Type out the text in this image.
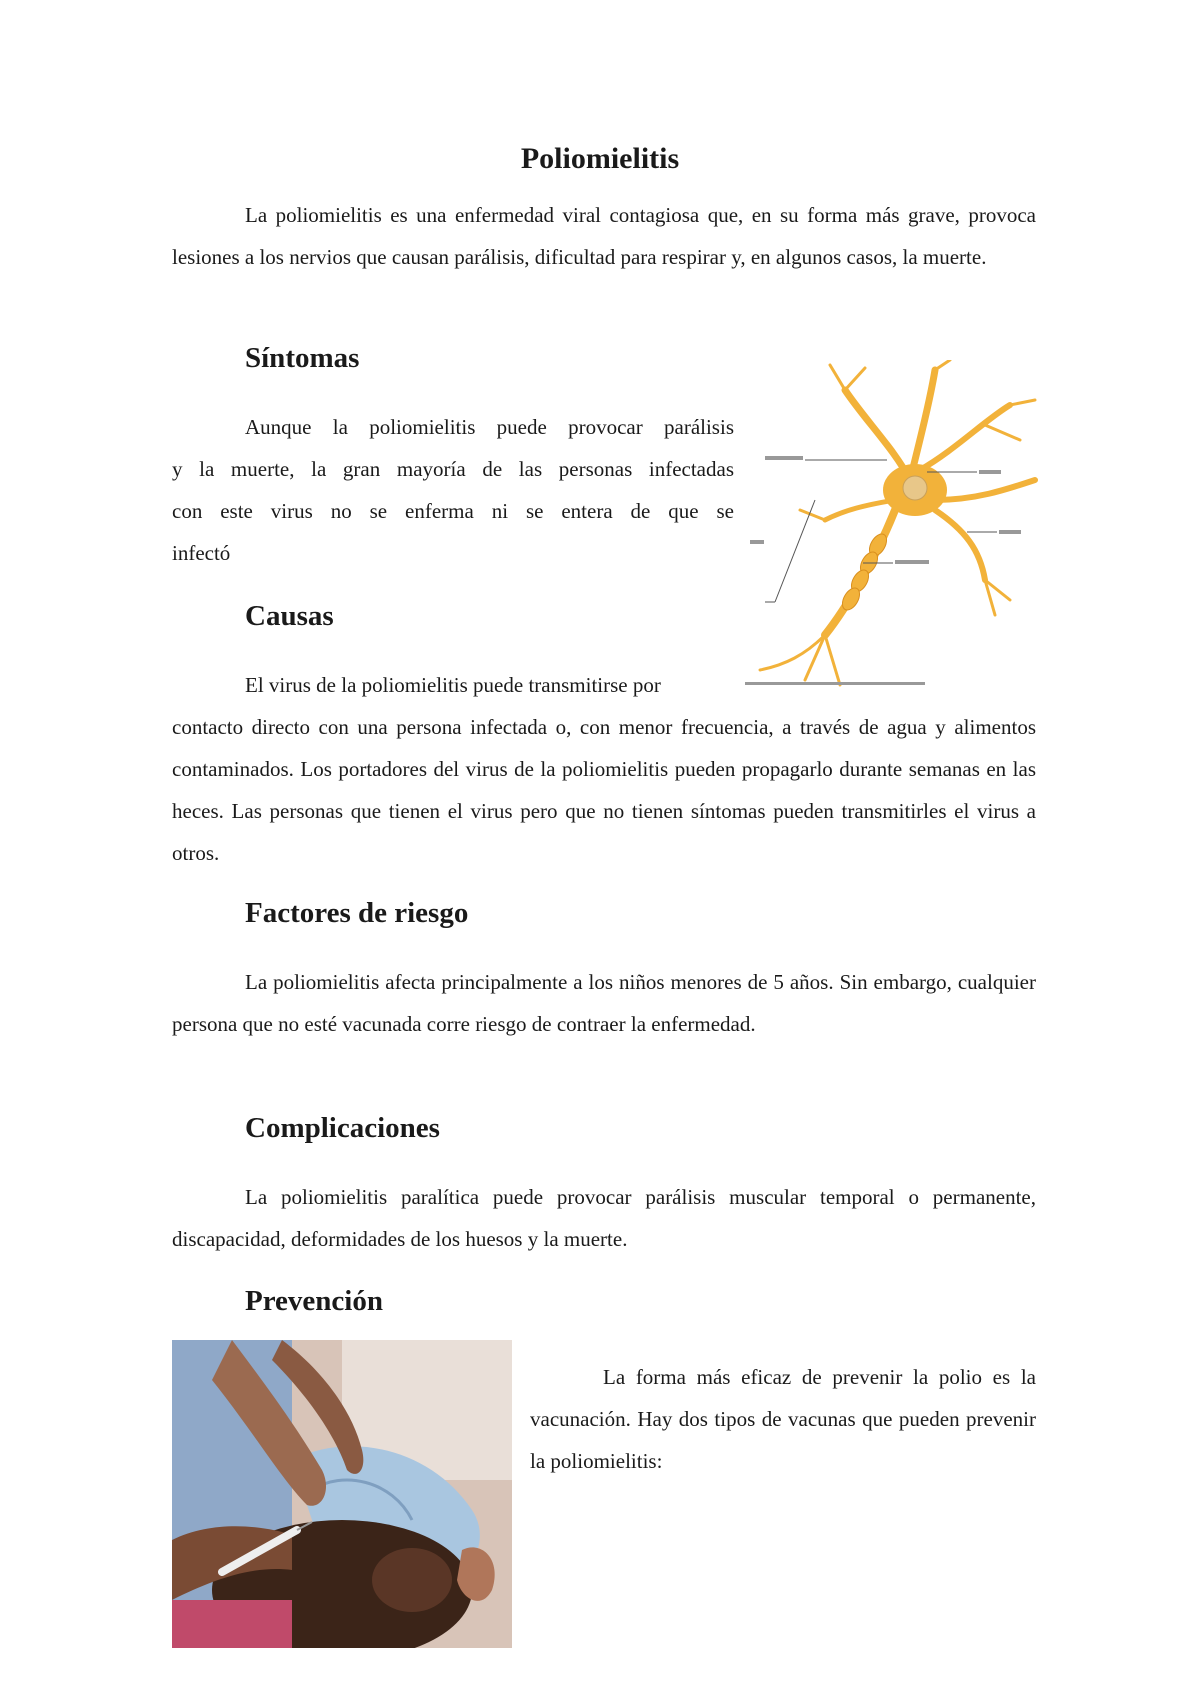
Poliomielitis

La poliomielitis es una enfermedad viral contagiosa que, en su forma más grave, provoca lesiones a los nervios que causan parálisis, dificultad para respirar y, en algunos casos, la muerte.

Síntomas
Aunque la poliomielitis puede provocar parálisis
y la muerte, la gran mayoría de las personas infectadas
con este virus no se enferma ni se entera de que se
infectó
Causas
El virus de la poliomielitis puede transmitirse por

contacto directo con una persona infectada o, con menor frecuencia, a través de agua y alimentos contaminados. Los portadores del virus de la poliomielitis pueden propagarlo durante semanas en las heces. Las personas que tienen el virus pero que no tienen síntomas pueden transmitirles el virus a otros.

Factores de riesgo

La poliomielitis afecta principalmente a los niños menores de 5 años. Sin embargo, cualquier persona que no esté vacunada corre riesgo de contraer la enfermedad.

Complicaciones

La poliomielitis paralítica puede provocar parálisis muscular temporal o permanente, discapacidad, deformidades de los huesos y la muerte.

Prevención

La forma más eficaz de prevenir la polio es la vacunación. Hay dos tipos de vacunas que pueden prevenir la poliomielitis:
